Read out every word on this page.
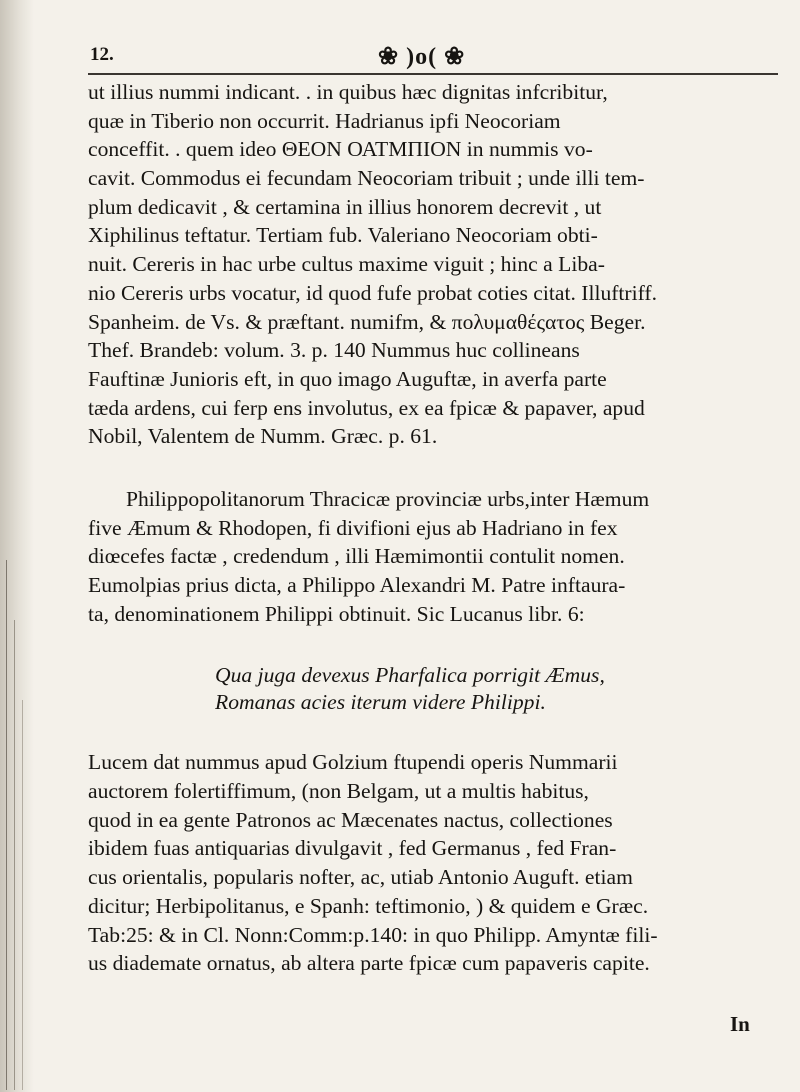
12.	❀ )o( ❀
ut illius nummi indicant. . in quibus hæc dignitas infcribitur,
quæ in Tiberio non occurrit. Hadrianus ipfi Neocoriam
conceffit. . quem ideo ΘΕΟΝ ΟΑΤΜΠΙΟΝ in nummis vo-
cavit. Commodus ei fecundam Neocoriam tribuit ; unde illi tem-
plum dedicavit , & certamina in illius honorem decrevit , ut
Xiphilinus teftatur. Tertiam fub. Valeriano Neocoriam obti-
nuit. Cereris in hac urbe cultus maxime viguit ; hinc a Liba-
nio Cereris urbs vocatur, id quod fufe probat coties citat. Illuftriff.
Spanheim. de Vs. & præftant. numifm, & πολυμαθέςατος Beger.
Thef. Brandeb: volum. 3. p. 140 Nummus huc collineans
Fauftinæ Junioris eft, in quo imago Auguftæ, in averfa parte
tæda ardens, cui ferp ens involutus, ex ea fpicæ & papaver, apud
Nobil, Valentem de Numm. Græc. p. 61.
Philippopolitanorum Thracicæ provinciæ urbs,inter Hæmum
five Æmum & Rhodopen, fi divifioni ejus ab Hadriano in fex
diœcefes factæ , credendum , illi Hæmimontii contulit nomen.
Eumolpias prius dicta, a Philippo Alexandri M. Patre inftaura-
ta, denominationem Philippi obtinuit. Sic Lucanus libr. 6:
Qua juga devexus Pharfalica porrigit Æmus,
Romanas acies iterum videre Philippi.
Lucem dat nummus apud Golzium ftupendi operis Nummarii
auctorem folertiffimum, (non Belgam, ut a multis habitus,
quod in ea gente Patronos ac Mæcenates nactus, collectiones
ibidem fuas antiquarias divulgavit , fed Germanus , fed Fran-
cus orientalis, popularis nofter, ac, utiab Antonio Auguft. etiam
dicitur; Herbipolitanus, e Spanh: teftimonio, ) & quidem e Græc.
Tab:25: & in Cl. Nonn:Comm:p.140: in quo Philipp. Amyntæ fili-
us diademate ornatus, ab altera parte fpicæ cum papaveris capite.
In
